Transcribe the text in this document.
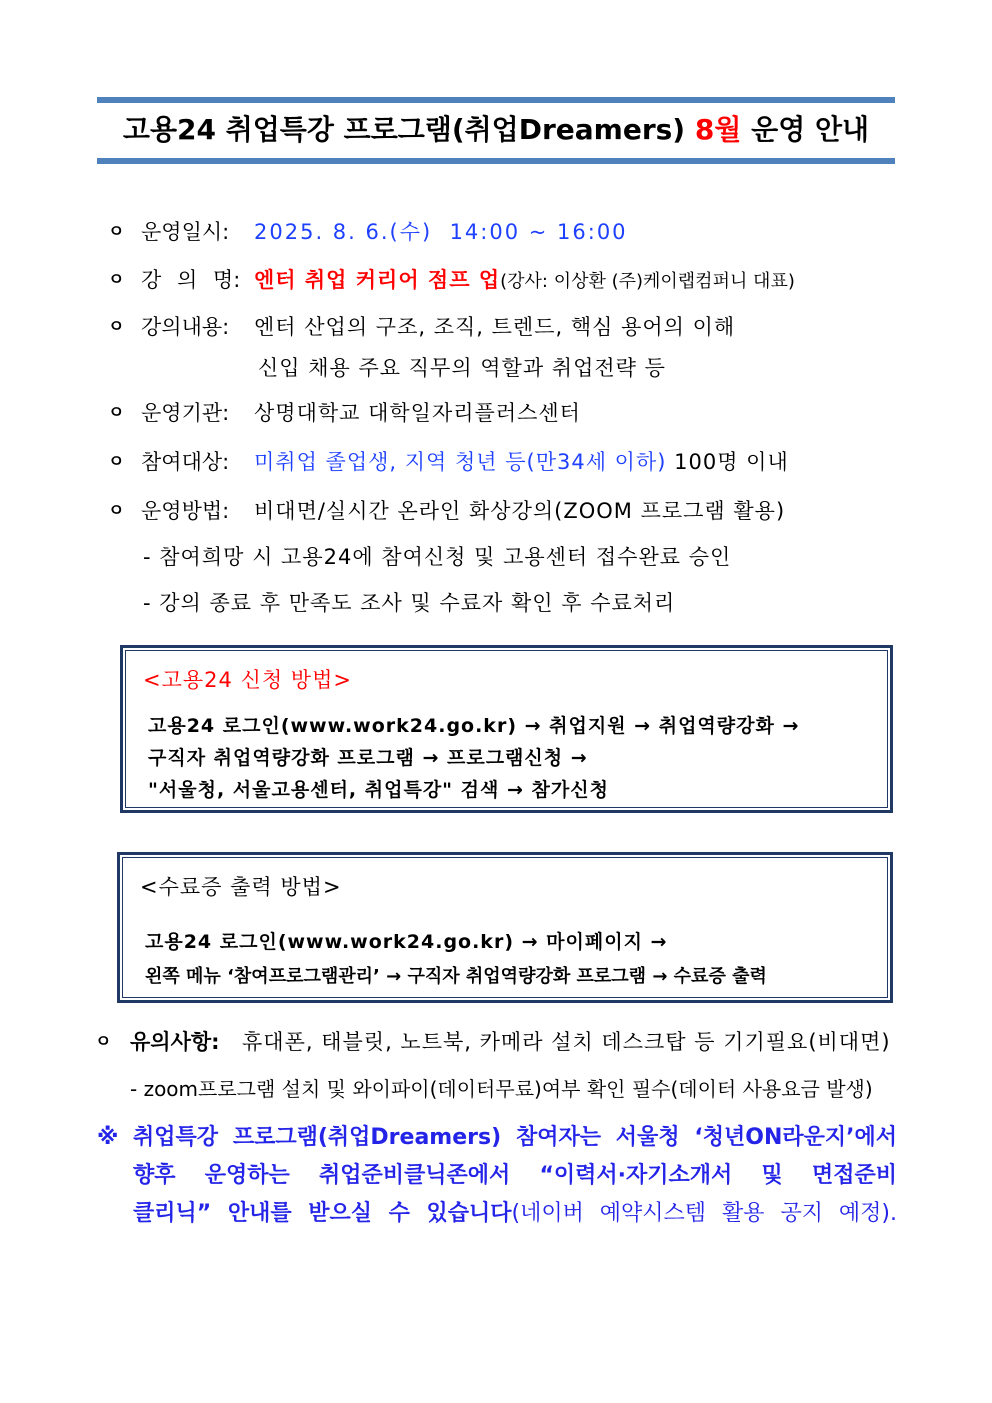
고용24 취업특강 프로그램(취업Dreamers) 8월 운영 안내
ㅇ 운영일시: 2025. 8. 6.(수)  14:00 ~ 16:00
ㅇ 강 의 명: 엔터 취업 커리어 점프 업(강사: 이상환 (주)케이랩컴퍼니 대표)
ㅇ 강의내용: 엔터 산업의 구조, 조직, 트렌드, 핵심 용어의 이해
신입 채용 주요 직무의 역할과 취업전략 등
ㅇ 운영기관: 상명대학교 대학일자리플러스센터
ㅇ 참여대상: 미취업 졸업생, 지역 청년 등(만34세 이하) 100명 이내
ㅇ 운영방법: 비대면/실시간 온라인 화상강의(ZOOM 프로그램 활용)
- 참여희망 시 고용24에 참여신청 및 고용센터 접수완료 승인
- 강의 종료 후 만족도 조사 및 수료자 확인 후 수료처리
<고용24 신청 방법>
고용24 로그인(www.work24.go.kr) → 취업지원 → 취업역량강화 →
구직자 취업역량강화 프로그램 → 프로그램신청 →
"서울청, 서울고용센터, 취업특강" 검색 → 참가신청
<수료증 출력 방법>
고용24 로그인(www.work24.go.kr) → 마이페이지 →
왼쪽 메뉴 ‘참여프로그램관리’ → 구직자 취업역량강화 프로그램 → 수료증 출력
ㅇ 유의사항: 휴대폰, 태블릿, 노트북, 카메라 설치 데스크탑 등 기기필요(비대면)
- zoom프로그램 설치 및 와이파이(데이터무료)여부 확인 필수(데이터 사용요금 발생)
※ 취업특강 프로그램(취업Dreamers) 참여자는 서울청 ‘청년ON라운지’에서
향후 운영하는 취업준비클닉존에서 “이력서·자기소개서 및 면접준비
클리닉” 안내를 받으실 수 있습니다(네이버 예약시스템 활용 공지 예정).
